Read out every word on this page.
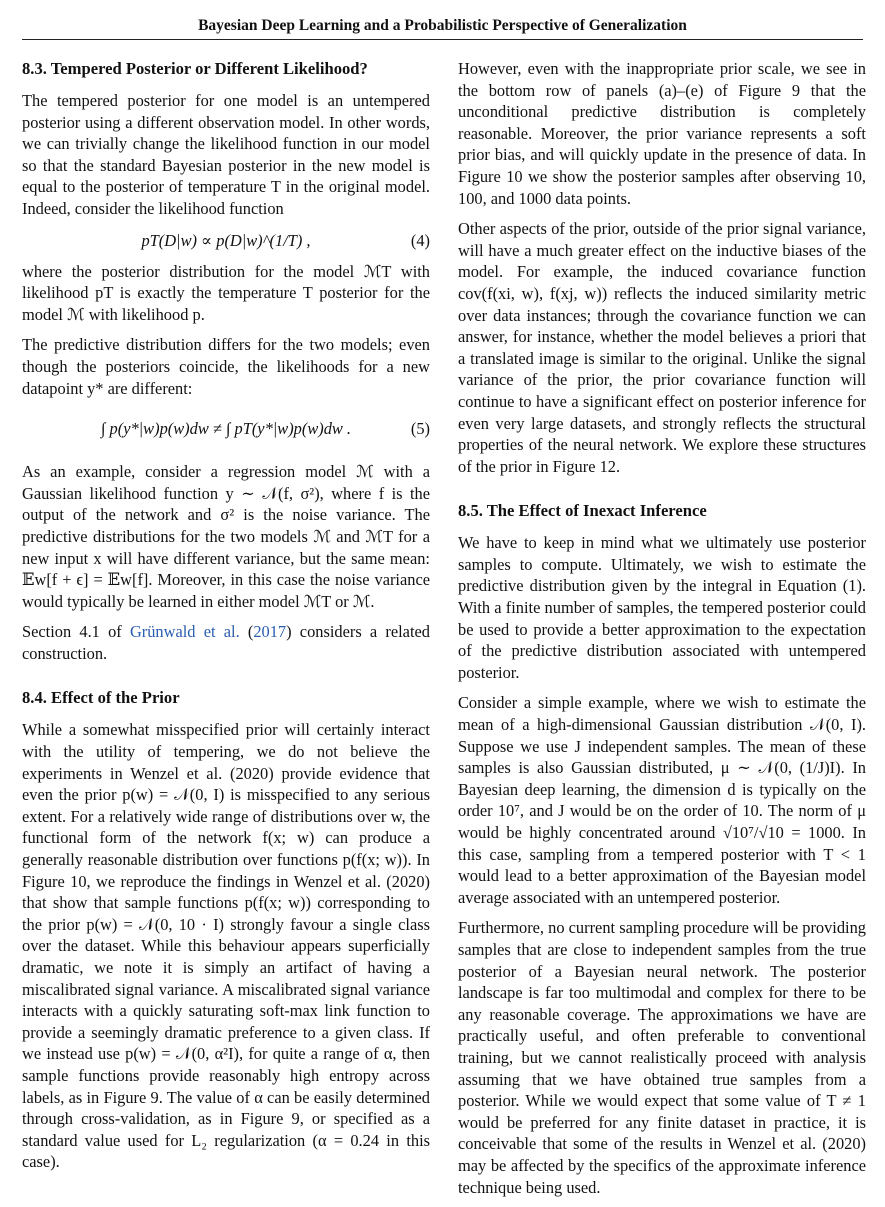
Bayesian Deep Learning and a Probabilistic Perspective of Generalization
8.3. Tempered Posterior or Different Likelihood?

The tempered posterior for one model is an untempered posterior using a different observation model. In other words, we can trivially change the likelihood function in our model so that the standard Bayesian posterior in the new model is equal to the posterior of temperature T in the original model. Indeed, consider the likelihood function

pT(D|w) ∝ p(D|w)^(1/T) ,	(4)

where the posterior distribution for the model ℳT with likelihood pT is exactly the temperature T posterior for the model ℳ with likelihood p.

The predictive distribution differs for the two models; even though the posteriors coincide, the likelihoods for a new datapoint y* are different:

∫ p(y*|w)p(w)dw ≠ ∫ pT(y*|w)p(w)dw .	(5)

As an example, consider a regression model ℳ with a Gaussian likelihood function y ∼ 𝒩(f, σ²), where f is the output of the network and σ² is the noise variance. The predictive distributions for the two models ℳ and ℳT for a new input x will have different variance, but the same mean: 𝔼w[f + ϵ] = 𝔼w[f]. Moreover, in this case the noise variance would typically be learned in either model ℳT or ℳ.

Section 4.1 of Grünwald et al. (2017) considers a related construction.

8.4. Effect of the Prior

While a somewhat misspecified prior will certainly interact with the utility of tempering, we do not believe the experiments in Wenzel et al. (2020) provide evidence that even the prior p(w) = 𝒩(0, I) is misspecified to any serious extent. For a relatively wide range of distributions over w, the functional form of the network f(x; w) can produce a generally reasonable distribution over functions p(f(x; w)). In Figure 10, we reproduce the findings in Wenzel et al. (2020) that show that sample functions p(f(x; w)) corresponding to the prior p(w) = 𝒩(0, 10 · I) strongly favour a single class over the dataset. While this behaviour appears superficially dramatic, we note it is simply an artifact of having a miscalibrated signal variance. A miscalibrated signal variance interacts with a quickly saturating soft-max link function to provide a seemingly dramatic preference to a given class. If we instead use p(w) = 𝒩(0, α²I), for quite a range of α, then sample functions provide reasonably high entropy across labels, as in Figure 9. The value of α can be easily determined through cross-validation, as in Figure 9, or specified as a standard value used for L₂ regularization (α = 0.24 in this case).

However, even with the inappropriate prior scale, we see in the bottom row of panels (a)–(e) of Figure 9 that the unconditional predictive distribution is completely reasonable. Moreover, the prior variance represents a soft prior bias, and will quickly update in the presence of data. In Figure 10 we show the posterior samples after observing 10, 100, and 1000 data points.

Other aspects of the prior, outside of the prior signal variance, will have a much greater effect on the inductive biases of the model. For example, the induced covariance function cov(f(xi, w), f(xj, w)) reflects the induced similarity metric over data instances; through the covariance function we can answer, for instance, whether the model believes a priori that a translated image is similar to the original. Unlike the signal variance of the prior, the prior covariance function will continue to have a significant effect on posterior inference for even very large datasets, and strongly reflects the structural properties of the neural network. We explore these structures of the prior in Figure 12.

8.5. The Effect of Inexact Inference

We have to keep in mind what we ultimately use posterior samples to compute. Ultimately, we wish to estimate the predictive distribution given by the integral in Equation (1). With a finite number of samples, the tempered posterior could be used to provide a better approximation to the expectation of the predictive distribution associated with untempered posterior.

Consider a simple example, where we wish to estimate the mean of a high-dimensional Gaussian distribution 𝒩(0, I). Suppose we use J independent samples. The mean of these samples is also Gaussian distributed, μ ∼ 𝒩(0, (1/J)I). In Bayesian deep learning, the dimension d is typically on the order 10⁷, and J would be on the order of 10. The norm of μ would be highly concentrated around √10⁷/√10 = 1000. In this case, sampling from a tempered posterior with T < 1 would lead to a better approximation of the Bayesian model average associated with an untempered posterior.

Furthermore, no current sampling procedure will be providing samples that are close to independent samples from the true posterior of a Bayesian neural network. The posterior landscape is far too multimodal and complex for there to be any reasonable coverage. The approximations we have are practically useful, and often preferable to conventional training, but we cannot realistically proceed with analysis assuming that we have obtained true samples from a posterior. While we would expect that some value of T ≠ 1 would be preferred for any finite dataset in practice, it is conceivable that some of the results in Wenzel et al. (2020) may be affected by the specifics of the approximate inference technique being used.
